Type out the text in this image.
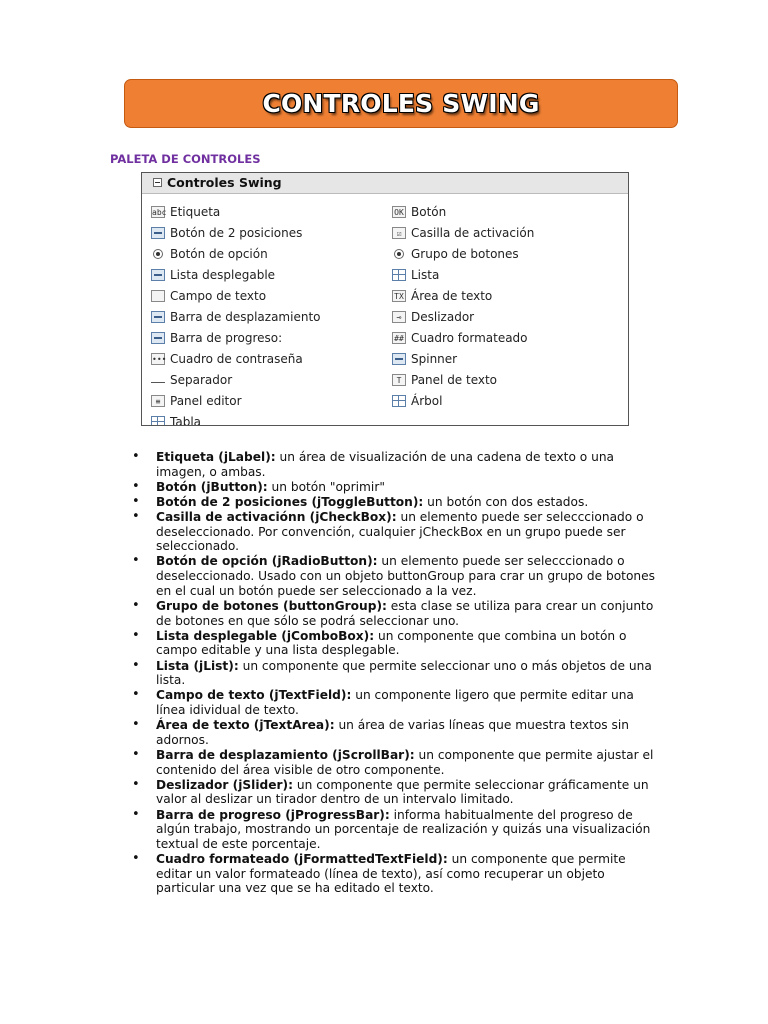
CONTROLES SWING
PALETA DE CONTROLES
Controles Swing
abc Etiqueta
Botón de 2 posiciones
Botón de opción
Lista desplegable
Campo de texto
Barra de desplazamiento
Barra de progreso:
••• Cuadro de contraseña
Separador
≡ Panel editor
Tabla
OK Botón
☑ Casilla de activación
Grupo de botones
Lista
TX Área de texto
⊸ Deslizador
## Cuadro formateado
Spinner
T Panel de texto
Árbol
• Etiqueta (jLabel): un área de visualización de una cadena de texto o una imagen, o ambas.
• Botón (jButton): un botón "oprimir"
• Botón de 2 posiciones (jToggleButton): un botón con dos estados.
• Casilla de activaciónn (jCheckBox): un elemento puede ser selecccionado o deseleccionado. Por convención, cualquier jCheckBox en un grupo puede ser seleccionado.
• Botón de opción (jRadioButton): un elemento puede ser selecccionado o deseleccionado. Usado con un objeto buttonGroup para crar un grupo de botones en el cual un botón puede ser seleccionado a la vez.
• Grupo de botones (buttonGroup): esta clase se utiliza para crear un conjunto de botones en que sólo se podrá seleccionar uno.
• Lista desplegable (jComboBox): un componente que combina un botón o campo editable y una lista desplegable.
• Lista (jList): un componente que permite seleccionar uno o más objetos de una lista.
• Campo de texto (jTextField): un componente ligero que permite editar una línea idividual de texto.
• Área de texto (jTextArea): un área de varias líneas que muestra textos sin adornos.
• Barra de desplazamiento (jScrollBar): un componente que permite ajustar el contenido del área visible de otro componente.
• Deslizador (jSlider): un componente que permite seleccionar gráficamente un valor al deslizar un tirador dentro de un intervalo limitado.
• Barra de progreso (jProgressBar): informa habitualmente del progreso de algún trabajo, mostrando un porcentaje de realización y quizás una visualización textual de este porcentaje.
• Cuadro formateado (jFormattedTextField): un componente que permite editar un valor formateado (línea de texto), así como recuperar un objeto particular una vez que se ha editado el texto.
